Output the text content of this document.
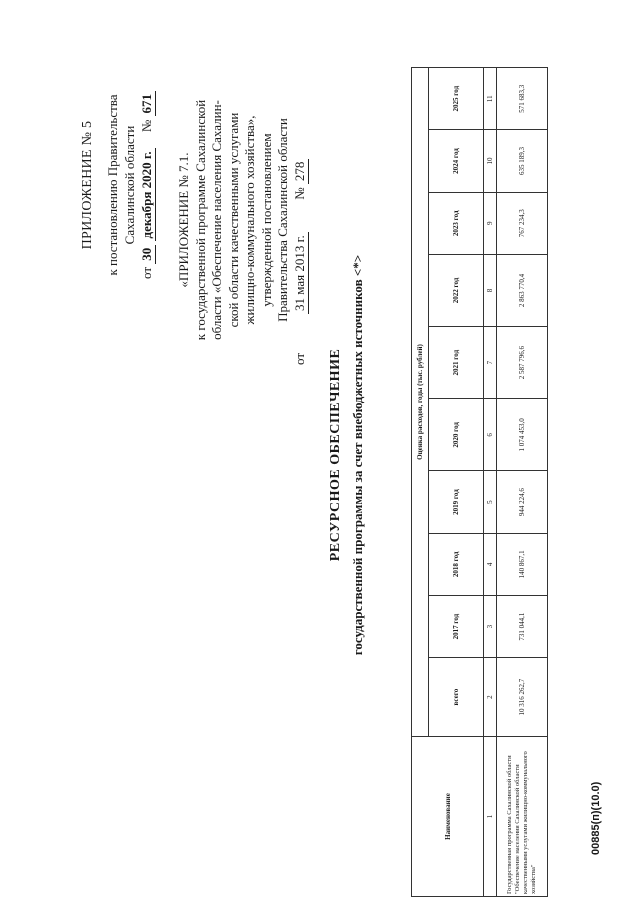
ПРИЛОЖЕНИЕ № 5 к постановлению Правительства Сахалинской области
от 30 декабря 2020 г.     № 671
«ПРИЛОЖЕНИЕ № 7.1. к государственной программе Сахалинской области «Обеспечение населения Сахалин- ской области качественными услугами жилищно-коммунального хозяйства», утвержденной постановлением Правительства Сахалинской области
от            31 мая 2013 г.          № 278
РЕСУРСНОЕ ОБЕСПЕЧЕНИЕ государственной программы за счет внебюджетных источников <*>
Наименование	Оценка расходов, годы (тыс. рублей)									
	всего	2017 год	2018 год	2019 год	2020 год	2021 год	2022 год	2023 год	2024 год	2025 год
1	2	3	4	5	6	7	8	9	10	11
Государственная программа Сахалинской области "Обеспечение населения Сахалинской области качественными услугами жилищно-коммунального хозяйства"	10 316 262,7	731 044,1	140 867,1	944 224,6	1 074 453,0	2 587 796,6	2 863 770,4	767 234,3	635 189,3	571 683,3
00885(п)(10.0)
